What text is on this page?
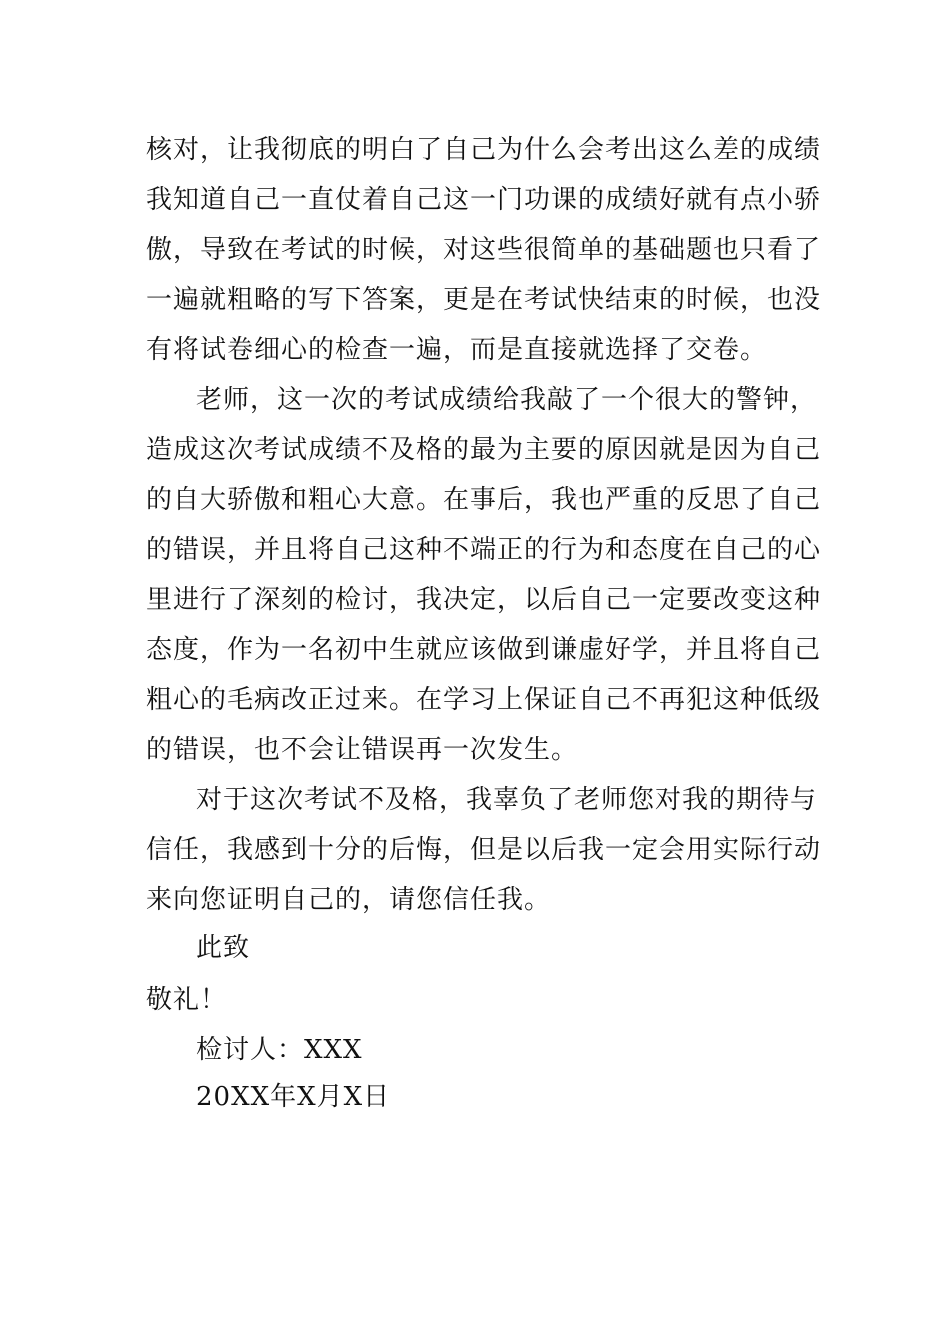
核对，让我彻底的明白了自己为什么会考出这么差的成绩
我知道自己一直仗着自己这一门功课的成绩好就有点小骄
傲，导致在考试的时候，对这些很简单的基础题也只看了
一遍就粗略的写下答案，更是在考试快结束的时候，也没
有将试卷细心的检查一遍，而是直接就选择了交卷。
老师，这一次的考试成绩给我敲了一个很大的警钟，
造成这次考试成绩不及格的最为主要的原因就是因为自己
的自大骄傲和粗心大意。在事后，我也严重的反思了自己
的错误，并且将自己这种不端正的行为和态度在自己的心
里进行了深刻的检讨，我决定，以后自己一定要改变这种
态度，作为一名初中生就应该做到谦虚好学，并且将自己
粗心的毛病改正过来。在学习上保证自己不再犯这种低级
的错误，也不会让错误再一次发生。
对于这次考试不及格，我辜负了老师您对我的期待与
信任，我感到十分的后悔，但是以后我一定会用实际行动
来向您证明自己的，请您信任我。
此致
敬礼！
检讨人：XXX
20XX年X月X日
